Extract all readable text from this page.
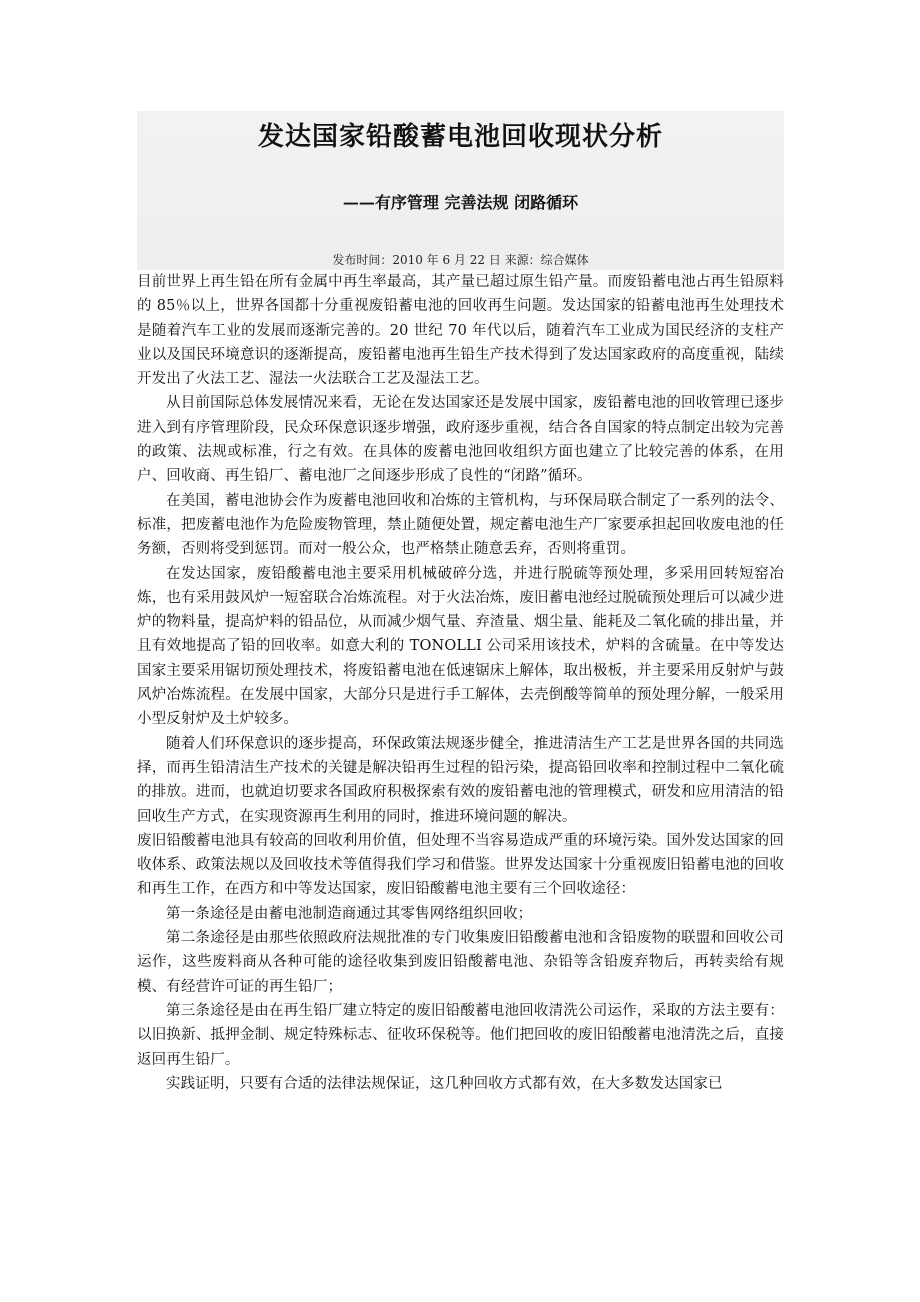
发达国家铅酸蓄电池回收现状分析
——有序管理 完善法规 闭路循环
发布时间：2010 年 6 月 22 日 来源：综合媒体

目前世界上再生铅在所有金属中再生率最高，其产量已超过原生铅产量。而废铅蓄电池占再生铅原料的 85％以上，世界各国都十分重视废铅蓄电池的回收再生问题。发达国家的铅蓄电池再生处理技术是随着汽车工业的发展而逐渐完善的。20 世纪 70 年代以后，随着汽车工业成为国民经济的支柱产业以及国民环境意识的逐渐提高，废铅蓄电池再生铅生产技术得到了发达国家政府的高度重视，陆续开发出了火法工艺、湿法一火法联合工艺及湿法工艺。

从目前国际总体发展情况来看，无论在发达国家还是发展中国家，废铅蓄电池的回收管理已逐步进入到有序管理阶段，民众环保意识逐步增强，政府逐步重视，结合各自国家的特点制定出较为完善的政策、法规或标准，行之有效。在具体的废蓄电池回收组织方面也建立了比较完善的体系，在用户、回收商、再生铅厂、蓄电池厂之间逐步形成了良性的“闭路”循环。

在美国，蓄电池协会作为废蓄电池回收和冶炼的主管机构，与环保局联合制定了一系列的法令、标准，把废蓄电池作为危险废物管理，禁止随便处置，规定蓄电池生产厂家要承担起回收废电池的任务额，否则将受到惩罚。而对一般公众，也严格禁止随意丢弃，否则将重罚。

在发达国家，废铅酸蓄电池主要采用机械破碎分选，并进行脱硫等预处理，多采用回转短窑冶炼，也有采用鼓风炉一短窑联合冶炼流程。对于火法冶炼，废旧蓄电池经过脱硫预处理后可以减少进炉的物料量，提高炉料的铅品位，从而减少烟气量、弃渣量、烟尘量、能耗及二氧化硫的排出量，并且有效地提高了铅的回收率。如意大利的 TONOLLI 公司采用该技术，炉料的含硫量。在中等发达国家主要采用锯切预处理技术，将废铅蓄电池在低速锯床上解体，取出极板，并主要采用反射炉与鼓风炉冶炼流程。在发展中国家，大部分只是进行手工解体，去壳倒酸等简单的预处理分解，一般采用小型反射炉及土炉较多。

随着人们环保意识的逐步提高，环保政策法规逐步健全，推进清洁生产工艺是世界各国的共同选择，而再生铅清洁生产技术的关键是解决铅再生过程的铅污染，提高铅回收率和控制过程中二氧化硫的排放。进而，也就迫切要求各国政府积极探索有效的废铅蓄电池的管理模式，研发和应用清洁的铅回收生产方式，在实现资源再生利用的同时，推进环境问题的解决。

废旧铅酸蓄电池具有较高的回收利用价值，但处理不当容易造成严重的环境污染。国外发达国家的回收体系、政策法规以及回收技术等值得我们学习和借鉴。世界发达国家十分重视废旧铅蓄电池的回收和再生工作，在西方和中等发达国家，废旧铅酸蓄电池主要有三个回收途径：

第一条途径是由蓄电池制造商通过其零售网络组织回收；

第二条途径是由那些依照政府法规批准的专门收集废旧铅酸蓄电池和含铅废物的联盟和回收公司运作，这些废料商从各种可能的途径收集到废旧铅酸蓄电池、杂铅等含铅废弃物后，再转卖给有规模、有经营许可证的再生铅厂；

第三条途径是由在再生铅厂建立特定的废旧铅酸蓄电池回收清洗公司运作，采取的方法主要有：以旧换新、抵押金制、规定特殊标志、征收环保税等。他们把回收的废旧铅酸蓄电池清洗之后，直接返回再生铅厂。

实践证明，只要有合适的法律法规保证，这几种回收方式都有效，在大多数发达国家已
